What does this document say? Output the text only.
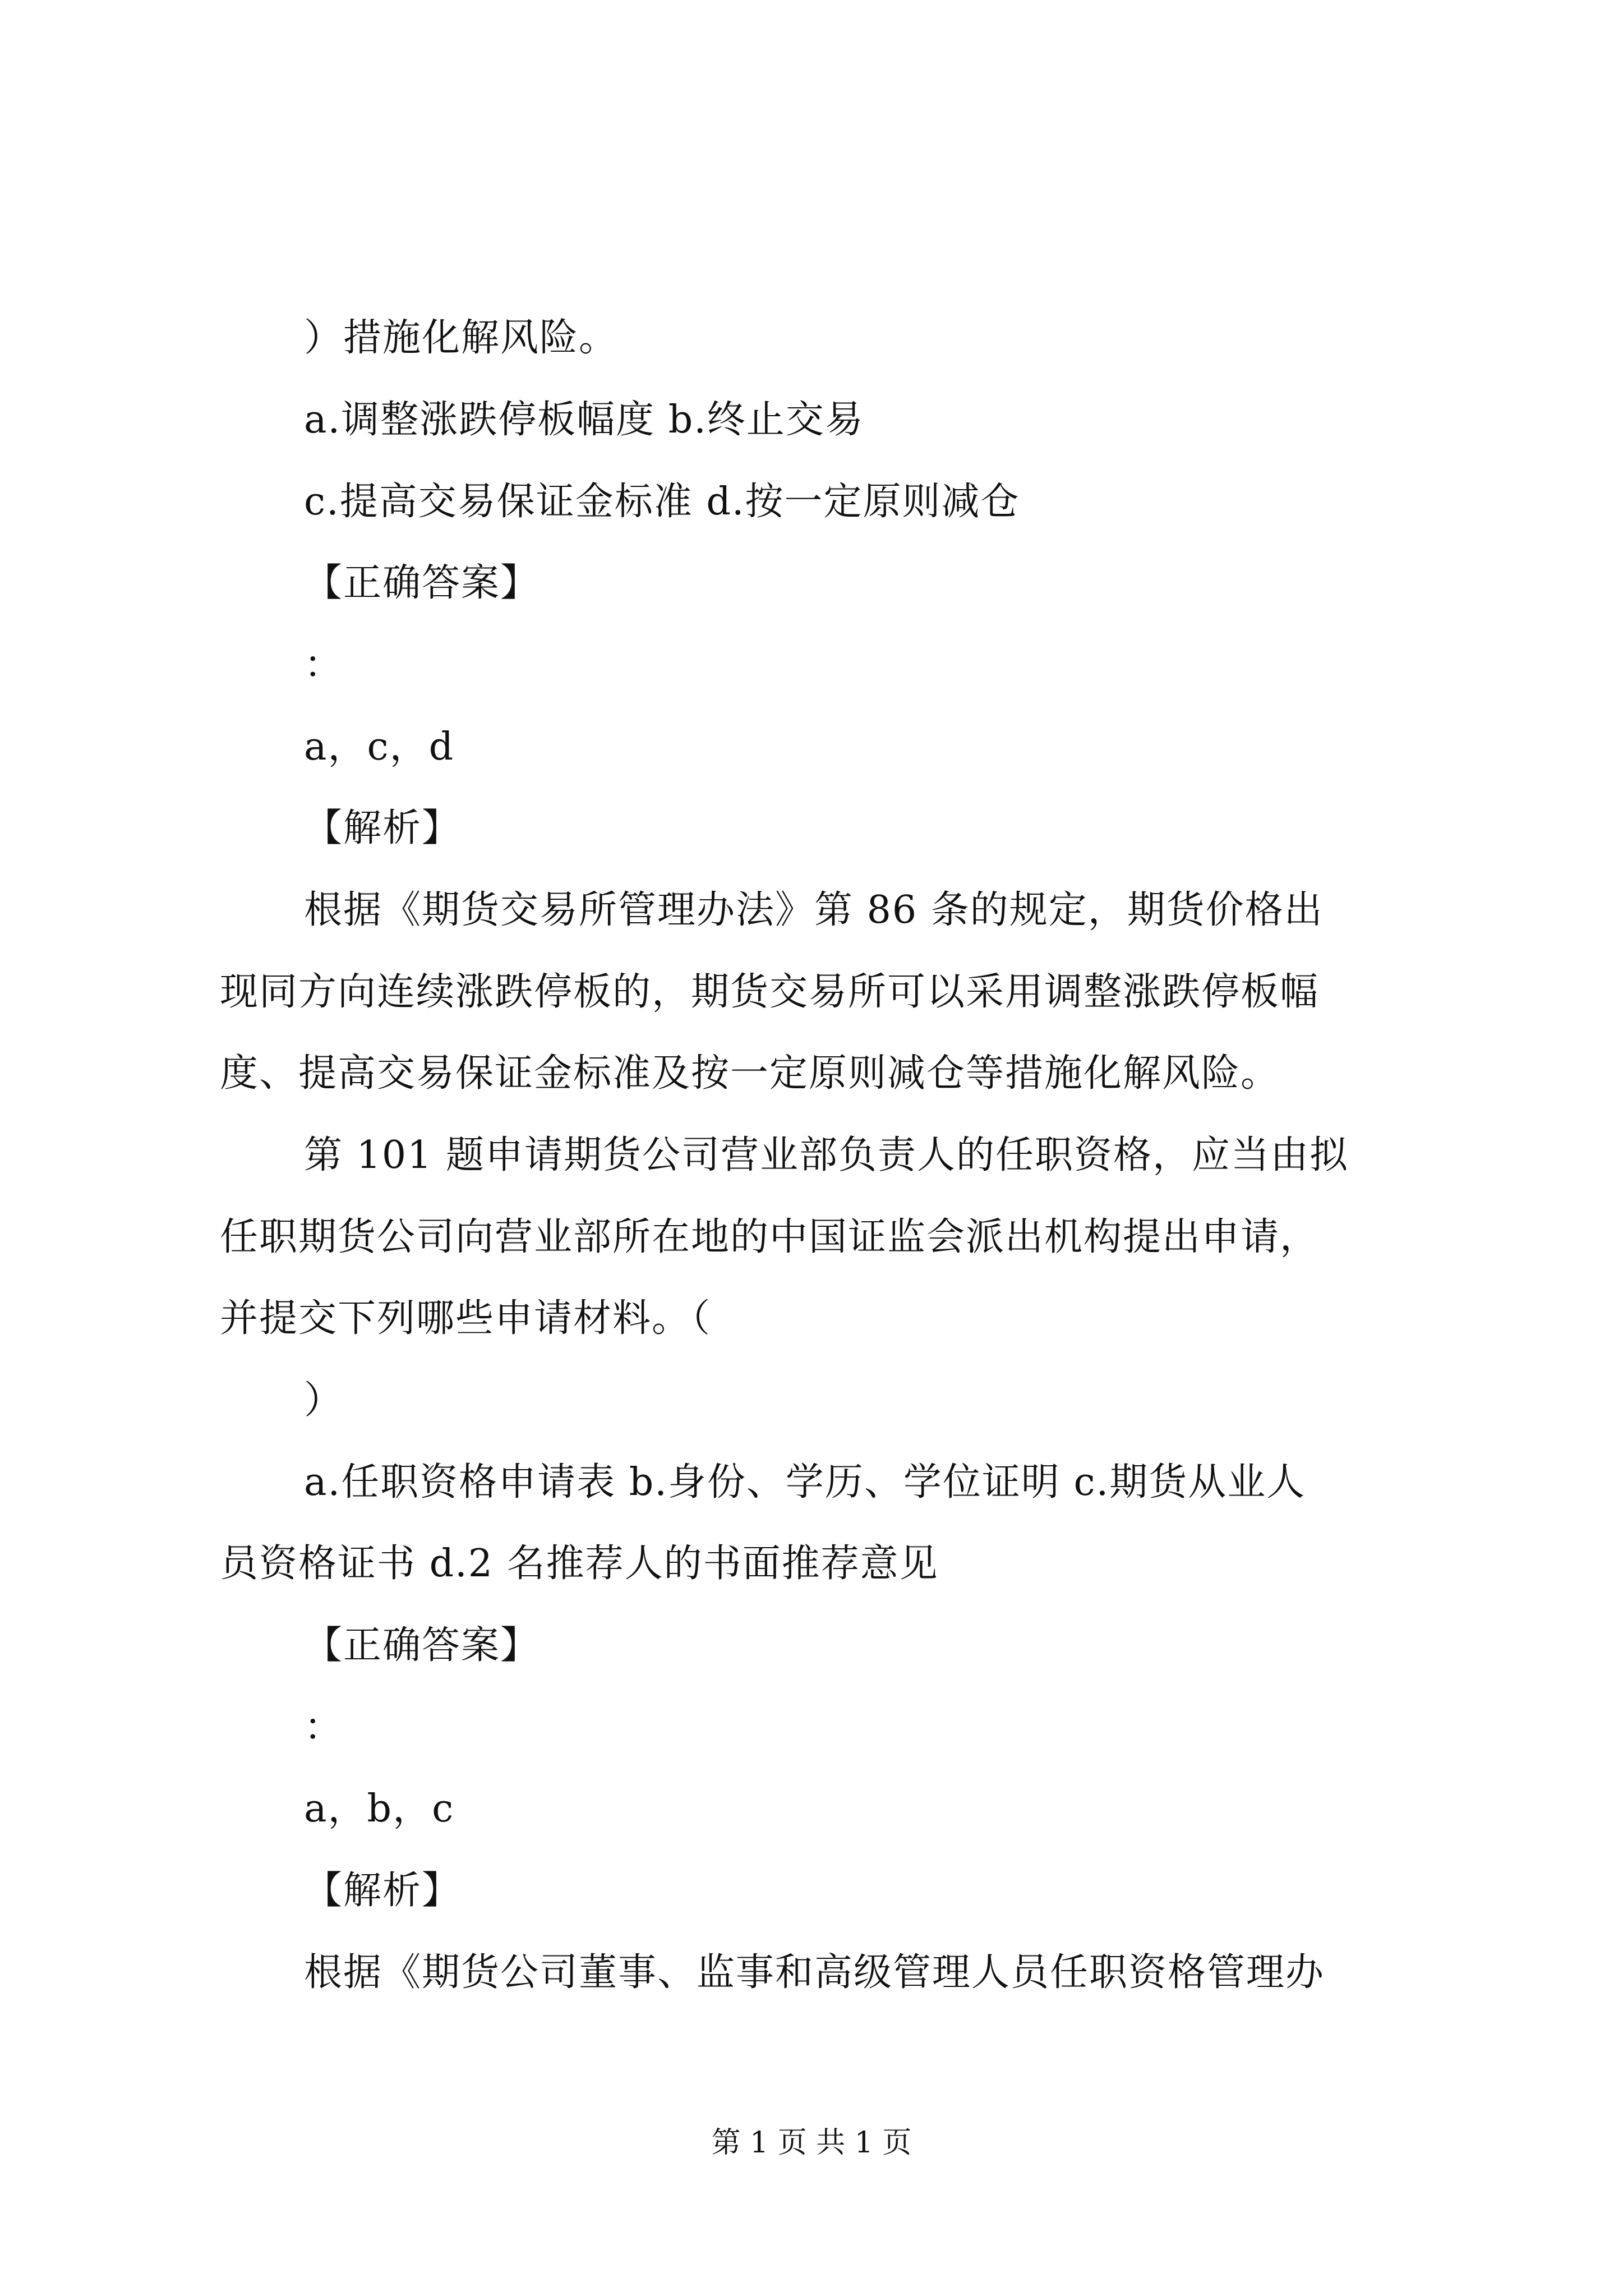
）措施化解风险。
a.调整涨跌停板幅度 b.终止交易
c.提高交易保证金标准 d.按一定原则减仓
【正确答案】
：
a，c，d
【解析】
根据《期货交易所管理办法》第 86 条的规定，期货价格出
现同方向连续涨跌停板的，期货交易所可以采用调整涨跌停板幅
度、提高交易保证金标准及按一定原则减仓等措施化解风险。
第 101 题申请期货公司营业部负责人的任职资格，应当由拟
任职期货公司向营业部所在地的中国证监会派出机构提出申请，
并提交下列哪些申请材料。（
）
a.任职资格申请表 b.身份、学历、学位证明 c.期货从业人
员资格证书 d.2 名推荐人的书面推荐意见
【正确答案】
：
a，b，c
【解析】
根据《期货公司董事、监事和高级管理人员任职资格管理办
第 1 页 共 1 页
